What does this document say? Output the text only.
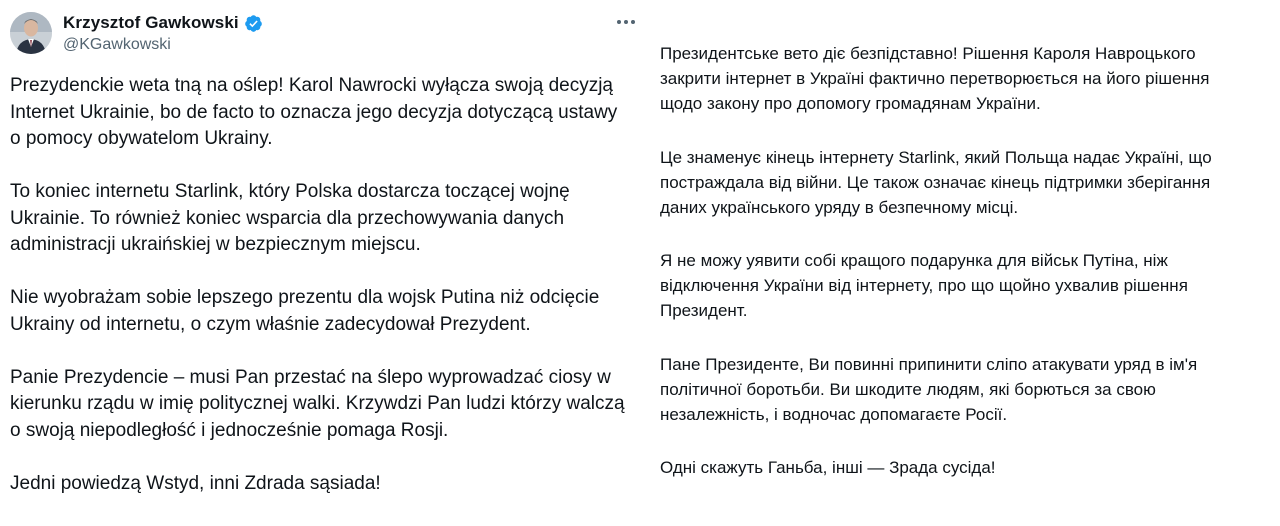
Krzysztof Gawkowski
@KGawkowski

Prezydenckie weta tną na oślep! Karol Nawrocki wyłącza swoją decyzją
Internet Ukrainie, bo de facto to oznacza jego decyzja dotyczącą ustawy
o pomocy obywatelom Ukrainy.

To koniec internetu Starlink, który Polska dostarcza toczącej wojnę
Ukrainie. To również koniec wsparcia dla przechowywania danych
administracji ukraińskiej w bezpiecznym miejscu.

Nie wyobrażam sobie lepszego prezentu dla wojsk Putina niż odcięcie
Ukrainy od internetu, o czym właśnie zadecydował Prezydent.

Panie Prezydencie – musi Pan przestać na ślepo wyprowadzać ciosy w
kierunku rządu w imię politycznej walki. Krzywdzi Pan ludzi którzy walczą
o swoją niepodległość i jednocześnie pomaga Rosji.

Jedni powiedzą Wstyd, inni Zdrada sąsiada!

Президентське вето діє безпідставно! Рішення Кароля Навроцького
закрити інтернет в Україні фактично перетворюється на його рішення
щодо закону про допомогу громадянам України.

Це знаменує кінець інтернету Starlink, який Польща надає Україні, що
постраждала від війни. Це також означає кінець підтримки зберігання
даних українського уряду в безпечному місці.

Я не можу уявити собі кращого подарунка для військ Путіна, ніж
відключення України від інтернету, про що щойно ухвалив рішення
Президент.

Пане Президенте, Ви повинні припинити сліпо атакувати уряд в ім'я
політичної боротьби. Ви шкодите людям, які борються за свою
незалежність, і водночас допомагаєте Росії.

Одні скажуть Ганьба, інші — Зрада сусіда!
